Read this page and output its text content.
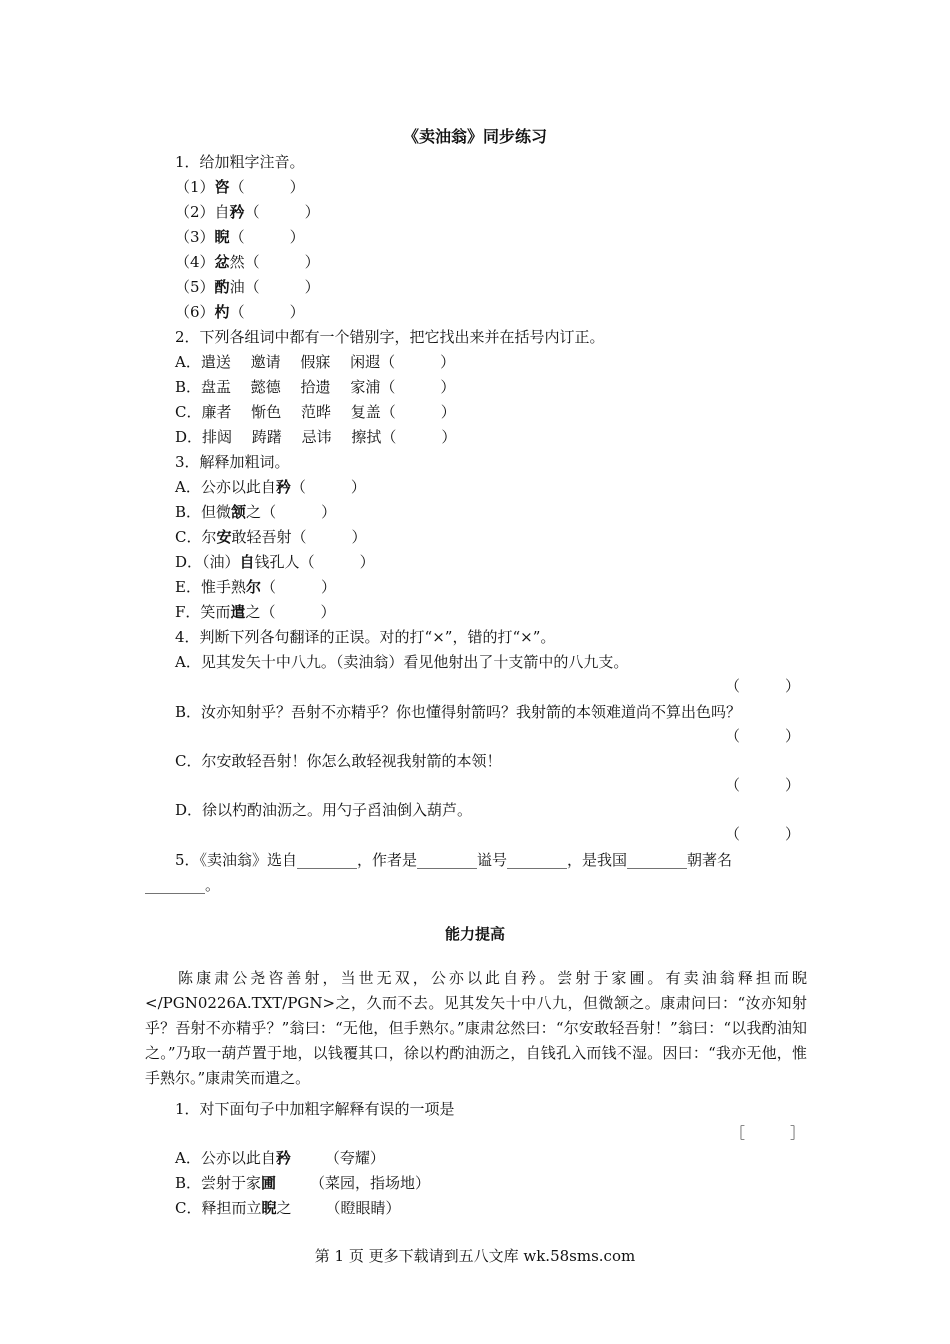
《卖油翁》同步练习
1．给加粗字注音。
（1）咨（　　　）
（2）自矜（　　　）
（3）睨（　　　）
（4）忿然（　　　）
（5）酌油（　　　）
（6）杓（　　　）
2．下列各组词中都有一个错别字，把它找出来并在括号内订正。
A．遣送　 邀请　 假寐　 闲遐（　　　）
B．盘盂　 懿德　 拾遗　 家浦（　　　）
C．廉者　 惭色　 范晔　 复盖（　　　）
D．排闼　 踌躇　 忌讳　 擦拭（　　　）
3．解释加粗词。
A．公亦以此自矜（　　　）
B．但微颔之（　　　）
C．尔安敢轻吾射（　　　）
D．（油）自钱孔人（　　　）
E．惟手熟尔（　　　）
F．笑而遣之（　　　）
4．判断下列各句翻译的正误。对的打“×”，错的打“×”。
A．见其发矢十中八九。（卖油翁）看见他射出了十支箭中的八九支。
（　　　）
B．汝亦知射乎？吾射不亦精乎？你也懂得射箭吗？我射箭的本领难道尚不算出色吗？
（　　　）
C．尔安敢轻吾射！你怎么敢轻视我射箭的本领！
（　　　）
D．徐以杓酌油沥之。用勺子舀油倒入葫芦。
（　　　）
5．《卖油翁》选自________，作者是________谥号________，是我国________朝著名
________。
能力提高
陈康肃公尧咨善射，当世无双，公亦以此自矜。尝射于家圃。有卖油翁释担而睨</PGN0226A.TXT/PGN>之，久而不去。见其发矢十中八九，但微颔之。康肃问曰：“汝亦知射乎？吾射不亦精乎？”翁曰：“无他，但手熟尔。”康肃忿然曰：“尔安敢轻吾射！”翁曰：“以我酌油知之。”乃取一葫芦置于地，以钱覆其口，徐以杓酌油沥之，自钱孔入而钱不湿。因曰：“我亦无他，惟手熟尔。”康肃笑而遣之。
1．对下面句子中加粗字解释有误的一项是
［　　　］
A．公亦以此自矜 （夸耀）
B．尝射于家圃 （菜园，指场地）
C．释担而立睨之 （瞪眼睛）
第 1 页 更多下载请到五八文库 wk.58sms.com
